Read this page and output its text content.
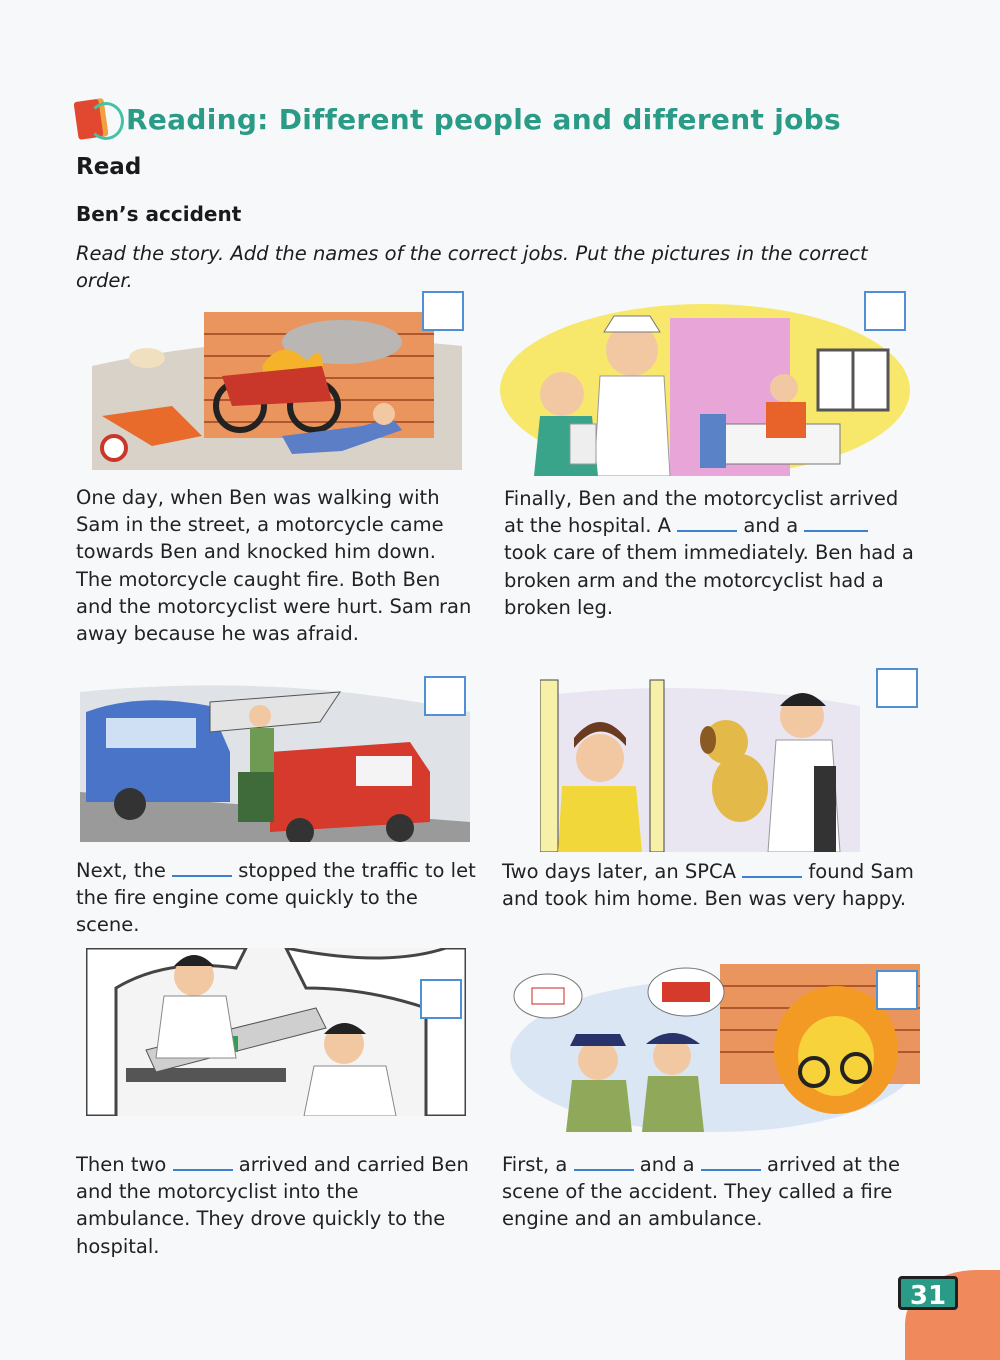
Reading: Different people and different jobs
Read
Ben’s accident
Read the story. Add the names of the correct jobs. Put the pictures in the correct order.
One day, when Ben was walking with Sam in the street, a motorcycle came towards Ben and knocked him down. The motorcycle caught fire. Both Ben and the motorcyclist were hurt. Sam ran away because he was afraid.
Finally, Ben and the motorcyclist arrived at the hospital. A	and a  took care of them immediately. Ben had a broken arm and the motorcyclist had a broken leg.
Next, the	stopped the traffic to let the fire engine come quickly to the scene.
Two days later, an SPCA	found Sam and took him home. Ben was very happy.
Then two	arrived and carried Ben and the motorcyclist into the ambulance. They drove quickly to the hospital.
First, a	and a	arrived at the scene of the accident. They called a fire engine and an ambulance.
31
